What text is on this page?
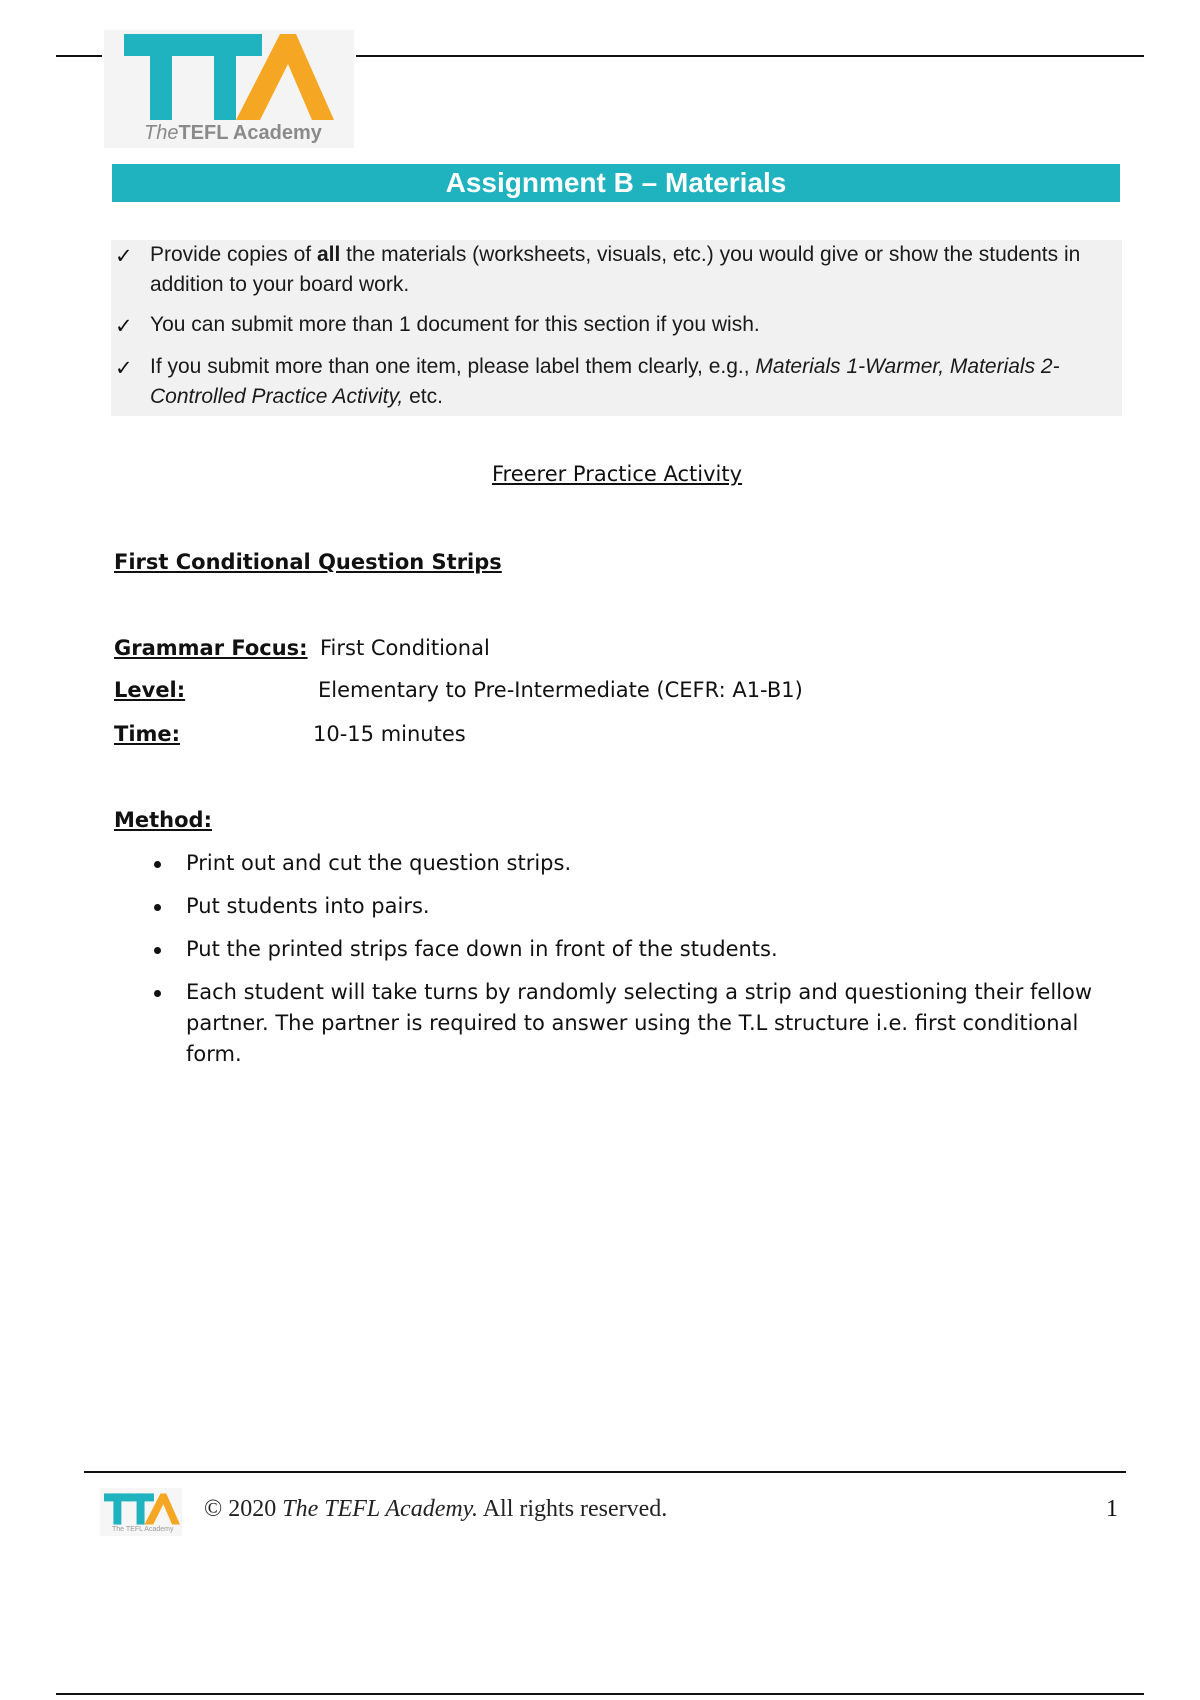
TheTEFL Academy
Assignment B – Materials
✓ Provide copies of all the materials (worksheets, visuals, etc.) you would give or show the students in addition to your board work.
✓ You can submit more than 1 document for this section if you wish.
✓ If you submit more than one item, please label them clearly, e.g., Materials 1-Warmer, Materials 2- Controlled Practice Activity, etc.
Freerer Practice Activity
First Conditional Question Strips
Grammar Focus: First Conditional
Level:	Elementary to Pre-Intermediate (CEFR: A1-B1)
Time:	10-15 minutes
Method:
Print out and cut the question strips.
Put students into pairs.
Put the printed strips face down in front of the students.
Each student will take turns by randomly selecting a strip and questioning their fellow partner. The partner is required to answer using the T.L structure i.e. first conditional form.
The TEFL Academy
© 2020 The TEFL Academy. All rights reserved.	1
